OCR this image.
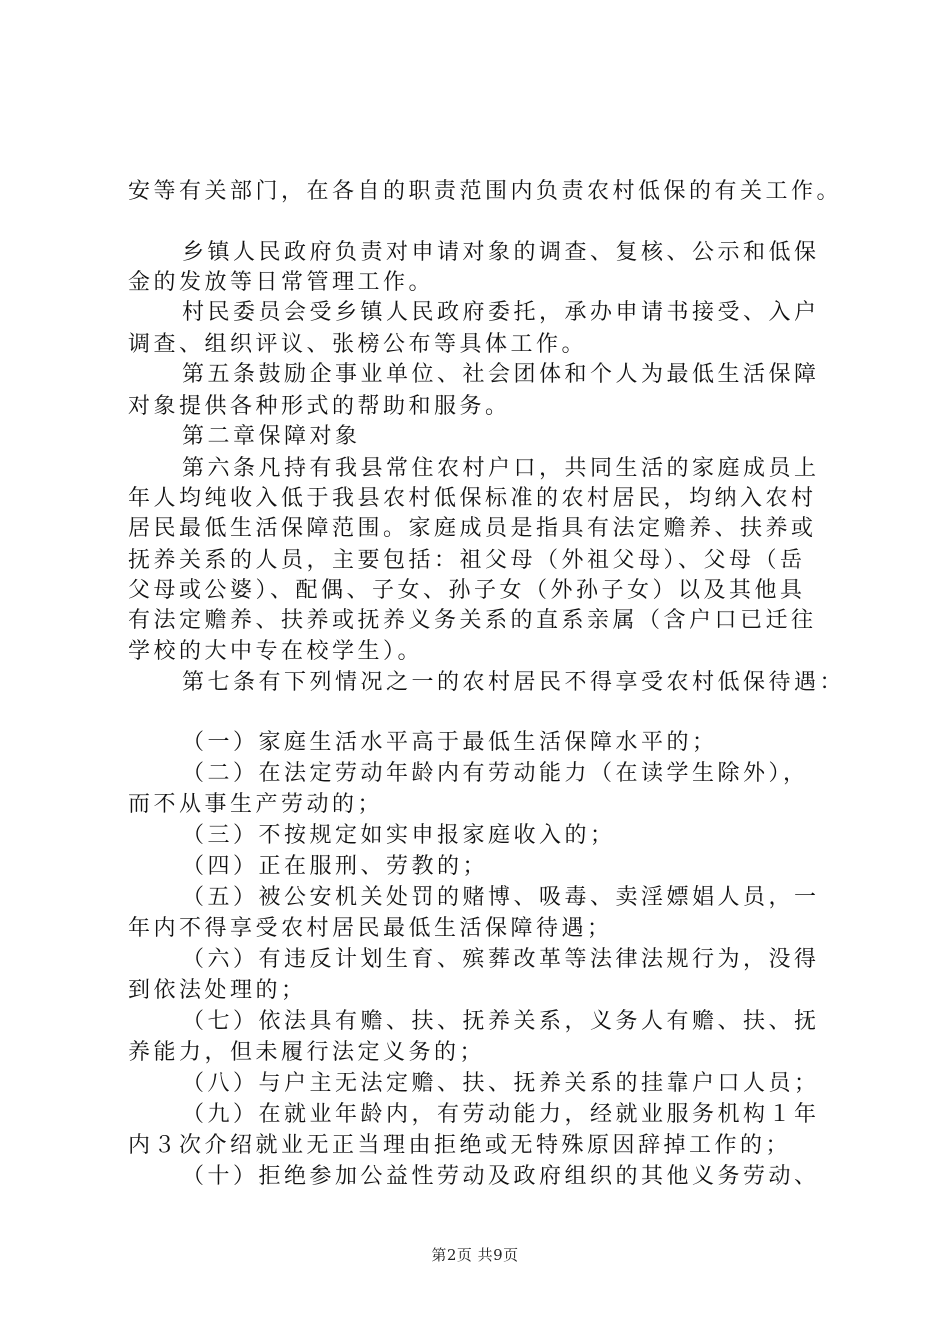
安等有关部门，在各自的职责范围内负责农村低保的有关工作。
乡镇人民政府负责对申请对象的调查、复核、公示和低保
金的发放等日常管理工作。
村民委员会受乡镇人民政府委托，承办申请书接受、入户
调查、组织评议、张榜公布等具体工作。
第五条鼓励企事业单位、社会团体和个人为最低生活保障
对象提供各种形式的帮助和服务。
第二章保障对象
第六条凡持有我县常住农村户口，共同生活的家庭成员上
年人均纯收入低于我县农村低保标准的农村居民，均纳入农村
居民最低生活保障范围。家庭成员是指具有法定赡养、扶养或
抚养关系的人员，主要包括：祖父母（外祖父母）、父母（岳
父母或公婆）、配偶、子女、孙子女（外孙子女）以及其他具
有法定赡养、扶养或抚养义务关系的直系亲属（含户口已迁往
学校的大中专在校学生）。
第七条有下列情况之一的农村居民不得享受农村低保待遇：
（一）家庭生活水平高于最低生活保障水平的；
（二）在法定劳动年龄内有劳动能力（在读学生除外），
而不从事生产劳动的；
（三）不按规定如实申报家庭收入的；
（四）正在服刑、劳教的；
（五）被公安机关处罚的赌博、吸毒、卖淫嫖娼人员，一
年内不得享受农村居民最低生活保障待遇；
（六）有违反计划生育、殡葬改革等法律法规行为，没得
到依法处理的；
（七）依法具有赡、扶、抚养关系，义务人有赡、扶、抚
养能力，但未履行法定义务的；
（八）与户主无法定赡、扶、抚养关系的挂靠户口人员；
（九）在就业年龄内，有劳动能力，经就业服务机构１年
内３次介绍就业无正当理由拒绝或无特殊原因辞掉工作的；
（十）拒绝参加公益性劳动及政府组织的其他义务劳动、
第2页 共9页
